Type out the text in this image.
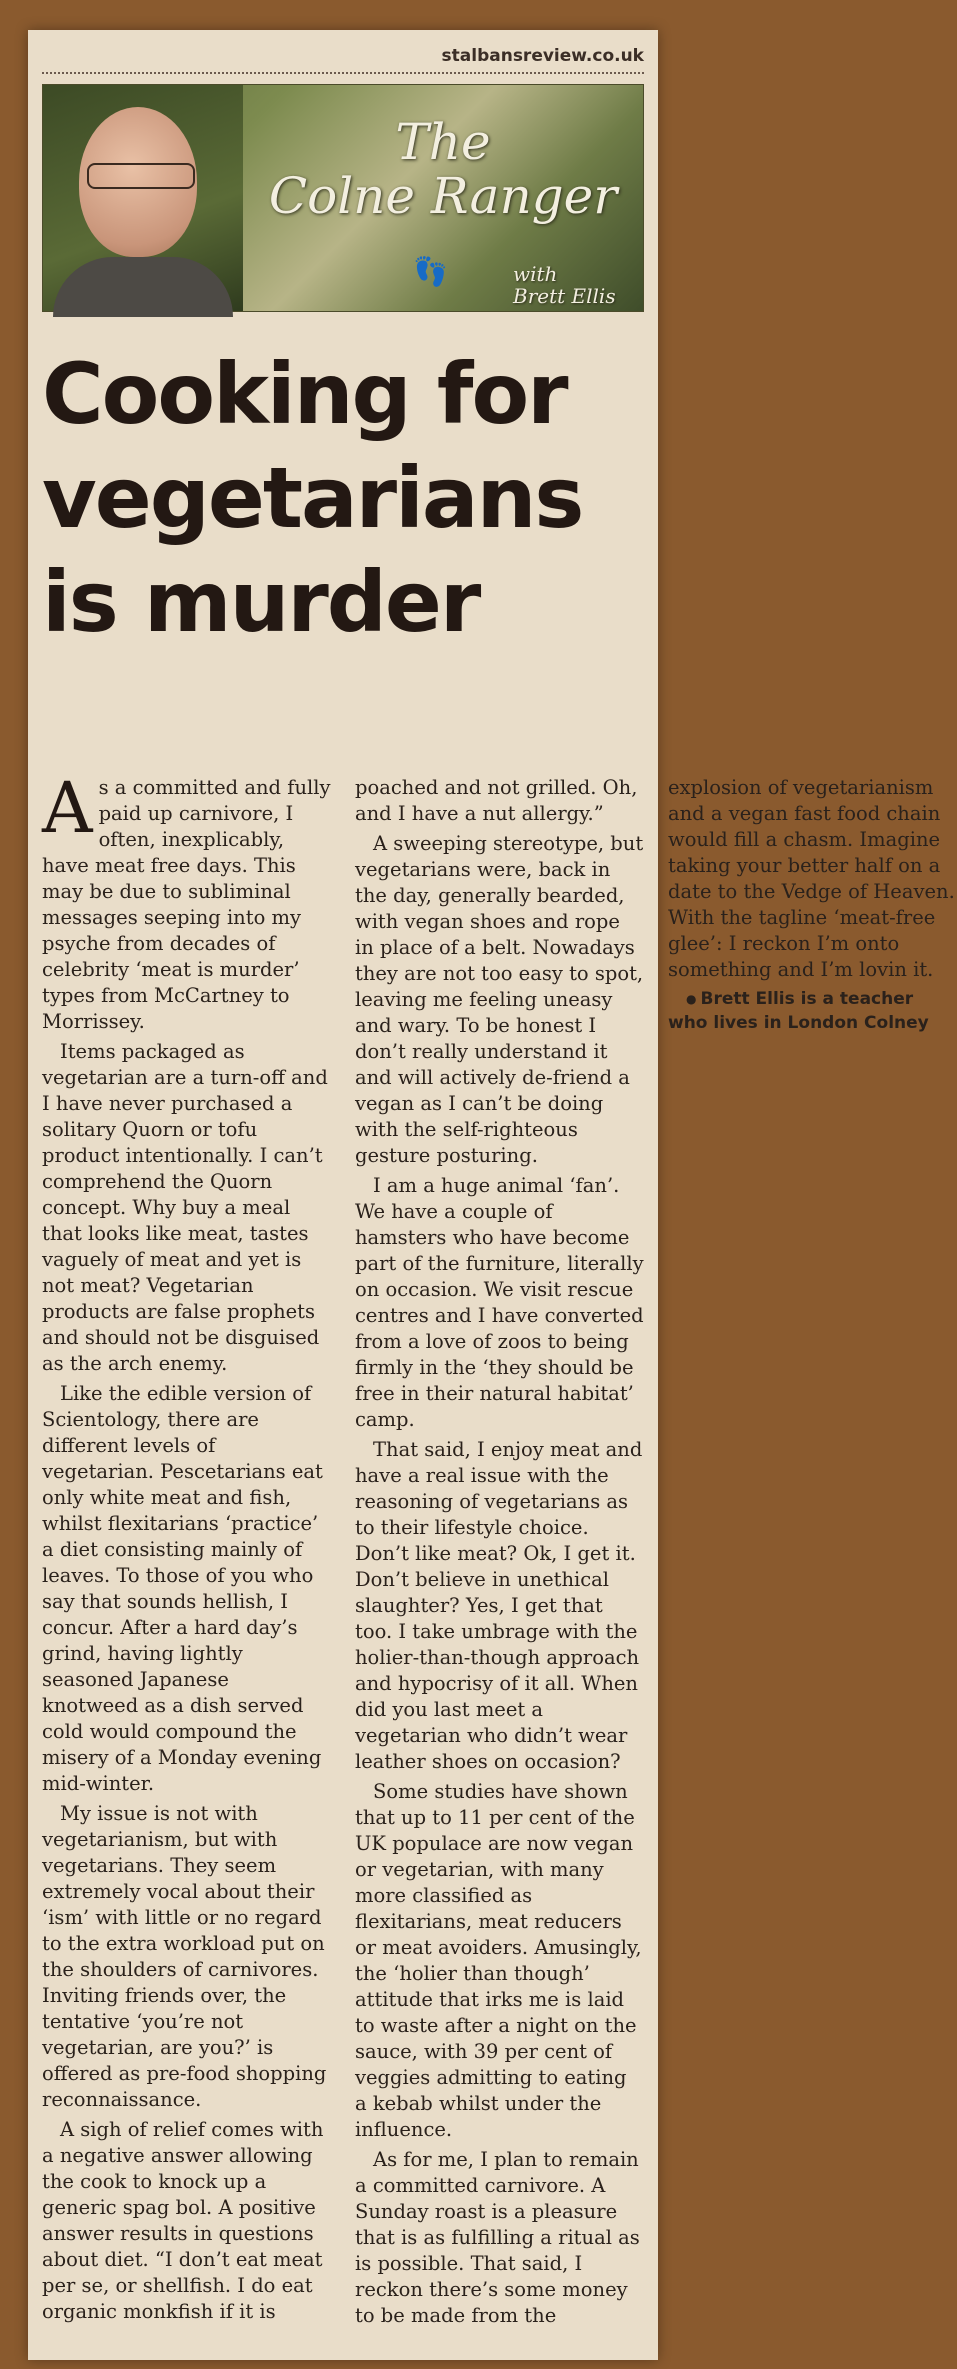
stalbansreview.co.uk
The
Colne Ranger
👣	with
Brett Ellis
Cooking for
vegetarians
is murder

As a committed and fully paid up carnivore, I often, inexplicably, have meat free days. This may be due to subliminal messages seeping into my psyche from decades of celebrity ‘meat is murder’ types from McCartney to Morrissey.

Items packaged as vegetarian are a turn-off and I have never purchased a solitary Quorn or tofu product intentionally. I can’t comprehend the Quorn concept. Why buy a meal that looks like meat, tastes vaguely of meat and yet is not meat? Vegetarian products are false prophets and should not be disguised as the arch enemy.

Like the edible version of Scientology, there are different levels of vegetarian. Pescetarians eat only white meat and fish, whilst flexitarians ‘practice’ a diet consisting mainly of leaves. To those of you who say that sounds hellish, I concur. After a hard day’s grind, having lightly seasoned Japanese knotweed as a dish served cold would compound the misery of a Monday evening mid-winter.

My issue is not with vegetarianism, but with vegetarians. They seem extremely vocal about their ‘ism’ with little or no regard to the extra workload put on the shoulders of carnivores. Inviting friends over, the tentative ‘you’re not vegetarian, are you?’ is offered as pre-food shopping reconnaissance.

A sigh of relief comes with a negative answer allowing the cook to knock up a generic spag bol. A positive answer results in questions about diet. “I don’t eat meat per se, or shellfish. I do eat organic monkfish if it is poached and not grilled. Oh, and I have a nut allergy.”

A sweeping stereotype, but vegetarians were, back in the day, generally bearded, with vegan shoes and rope in place of a belt. Nowadays they are not too easy to spot, leaving me feeling uneasy and wary. To be honest I don’t really understand it and will actively de-friend a vegan as I can’t be doing with the self-righteous gesture posturing.

I am a huge animal ‘fan’. We have a couple of hamsters who have become part of the furniture, literally on occasion. We visit rescue centres and I have converted from a love of zoos to being firmly in the ‘they should be free in their natural habitat’ camp.

That said, I enjoy meat and have a real issue with the reasoning of vegetarians as to their lifestyle choice. Don’t like meat? Ok, I get it. Don’t believe in unethical slaughter? Yes, I get that too. I take umbrage with the holier-than-though approach and hypocrisy of it all. When did you last meet a vegetarian who didn’t wear leather shoes on occasion?

Some studies have shown that up to 11 per cent of the UK populace are now vegan or vegetarian, with many more classified as flexitarians, meat reducers or meat avoiders. Amusingly, the ‘holier than though’ attitude that irks me is laid to waste after a night on the sauce, with 39 per cent of veggies admitting to eating a kebab whilst under the influence.

As for me, I plan to remain a committed carnivore. A Sunday roast is a pleasure that is as fulfilling a ritual as is possible. That said, I reckon there’s some money to be made from the explosion of vegetarianism and a vegan fast food chain would fill a chasm. Imagine taking your better half on a date to the Vedge of Heaven. With the tagline ‘meat-free glee’: I reckon I’m onto something and I’m lovin it.

● Brett Ellis is a teacher who lives in London Colney
